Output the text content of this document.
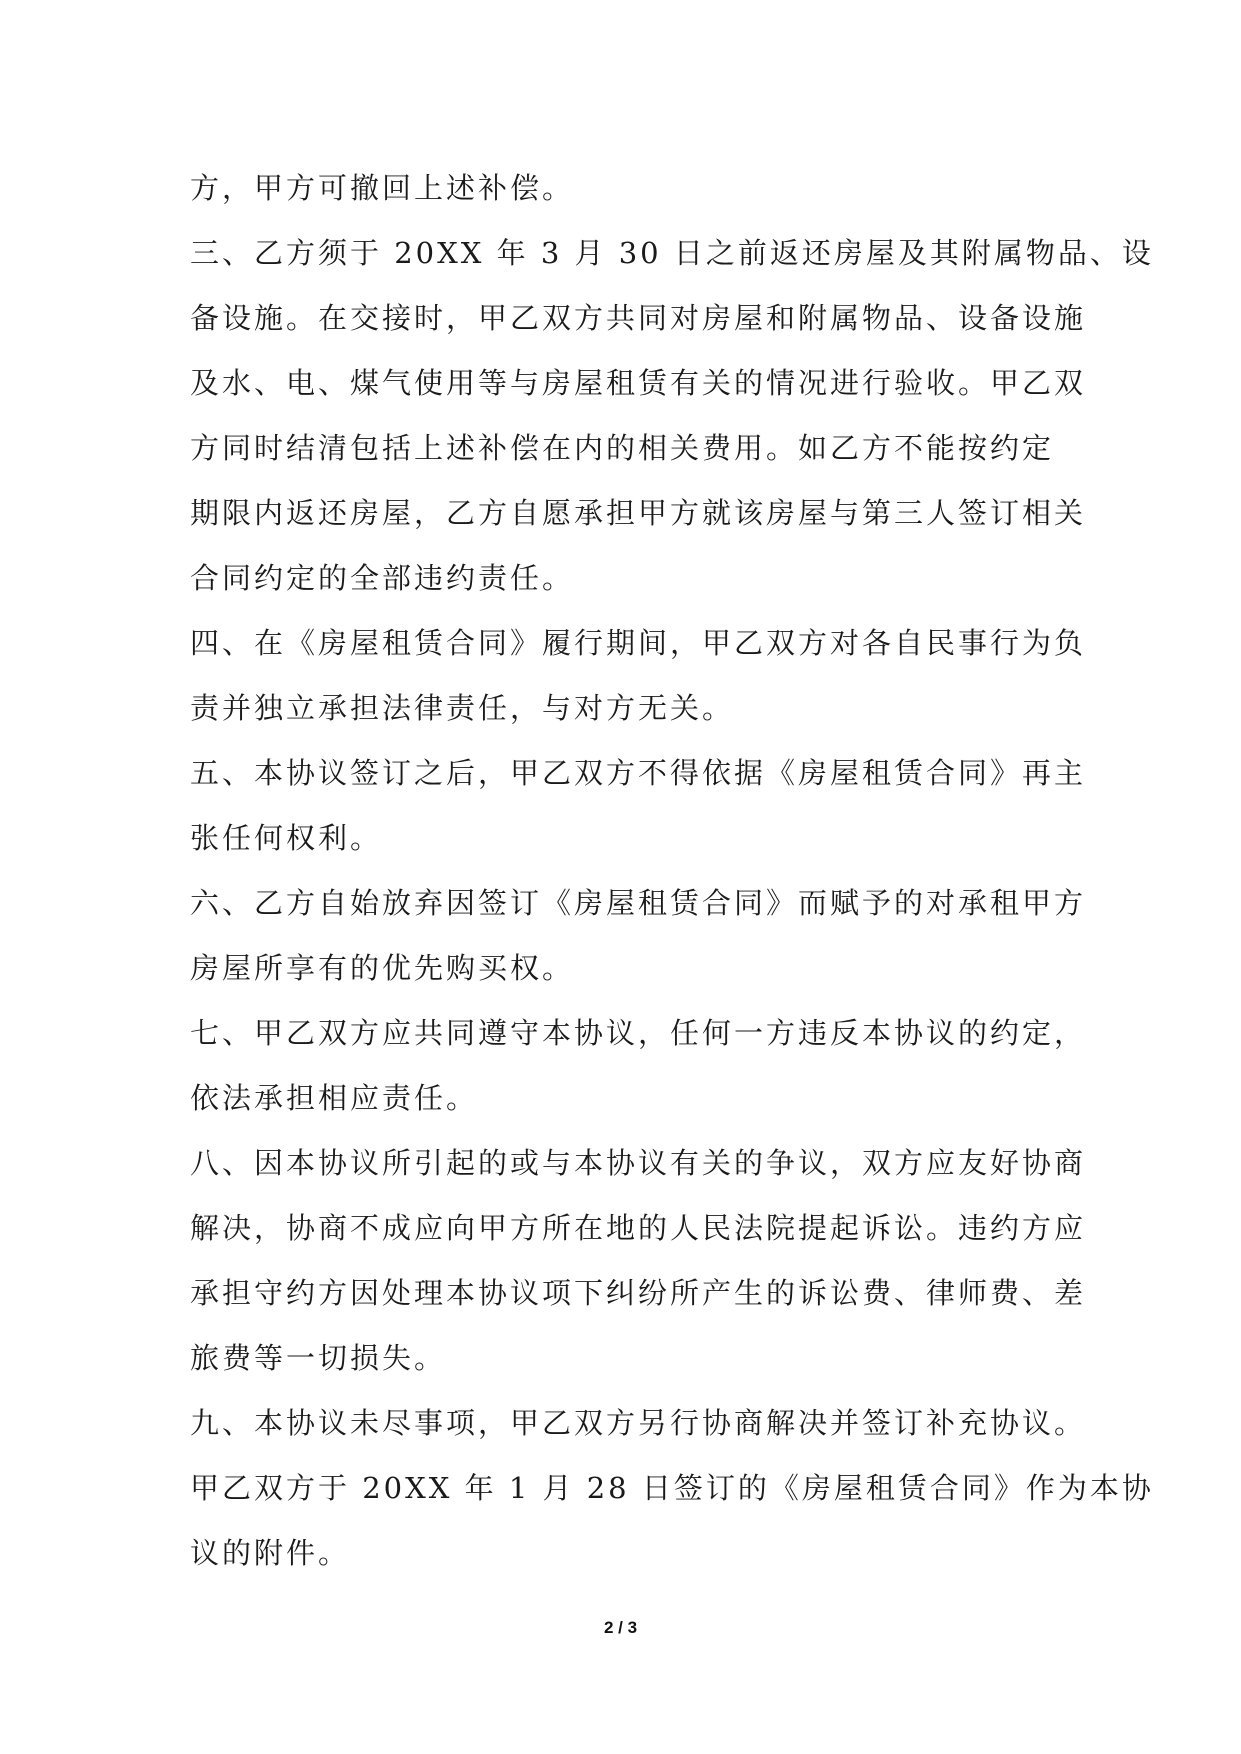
方，甲方可撤回上述补偿。
三、乙方须于 20XX 年 3 月 30 日之前返还房屋及其附属物品、设
备设施。在交接时，甲乙双方共同对房屋和附属物品、设备设施
及水、电、煤气使用等与房屋租赁有关的情况进行验收。甲乙双
方同时结清包括上述补偿在内的相关费用。如乙方不能按约定
期限内返还房屋，乙方自愿承担甲方就该房屋与第三人签订相关
合同约定的全部违约责任。
四、在《房屋租赁合同》履行期间，甲乙双方对各自民事行为负
责并独立承担法律责任，与对方无关。
五、本协议签订之后，甲乙双方不得依据《房屋租赁合同》再主
张任何权利。
六、乙方自始放弃因签订《房屋租赁合同》而赋予的对承租甲方
房屋所享有的优先购买权。
七、甲乙双方应共同遵守本协议，任何一方违反本协议的约定，
依法承担相应责任。
八、因本协议所引起的或与本协议有关的争议，双方应友好协商
解决，协商不成应向甲方所在地的人民法院提起诉讼。违约方应
承担守约方因处理本协议项下纠纷所产生的诉讼费、律师费、差
旅费等一切损失。
九、本协议未尽事项，甲乙双方另行协商解决并签订补充协议。
甲乙双方于 20XX 年 1 月 28 日签订的《房屋租赁合同》作为本协
议的附件。
2 / 3
